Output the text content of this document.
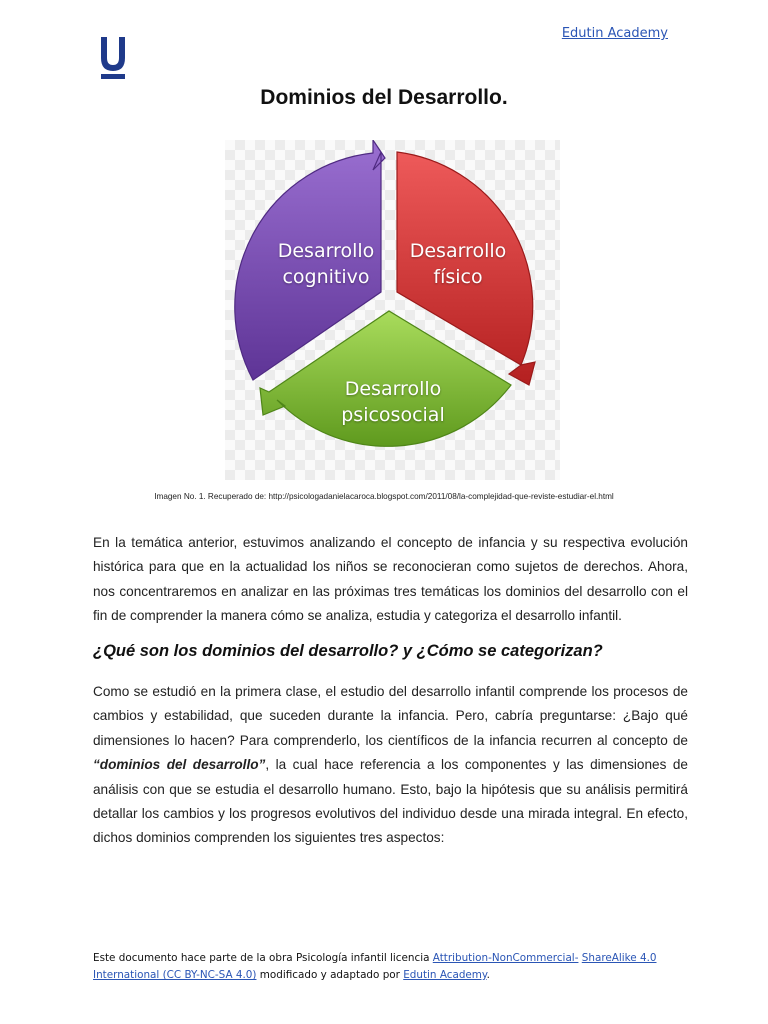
Edutin Academy
Dominios del Desarrollo.
Desarrollo
cognitivo
Desarrollo
físico
Desarrollo
psicosocial
Imagen No. 1. Recuperado de: http://psicologadanielacaroca.blogspot.com/2011/08/la-complejidad-que-reviste-estudiar-el.html

En la temática anterior, estuvimos analizando el concepto de infancia y su respectiva evolución histórica para que en la actualidad los niños se reconocieran como sujetos de derechos. Ahora, nos concentraremos en analizar en las próximas tres temáticas los dominios del desarrollo con el fin de comprender la manera cómo se analiza, estudia y categoriza el desarrollo infantil.

¿Qué son los dominios del desarrollo? y ¿Cómo se categorizan?

Como se estudió en la primera clase, el estudio del desarrollo infantil comprende los procesos de cambios y estabilidad, que suceden durante la infancia. Pero, cabría preguntarse: ¿Bajo qué dimensiones lo hacen? Para comprenderlo, los científicos de la infancia recurren al concepto de “dominios del desarrollo”, la cual hace referencia a los componentes y las dimensiones de análisis con que se estudia el desarrollo humano. Esto, bajo la hipótesis que su análisis permitirá detallar los cambios y los progresos evolutivos del individuo desde una mirada integral. En efecto, dichos dominios comprenden los siguientes tres aspectos:

Este documento hace parte de la obra Psicología infantil licencia Attribution-NonCommercial- ShareAlike 4.0 International (CC BY-NC-SA 4.0) modificado y adaptado por Edutin Academy.
